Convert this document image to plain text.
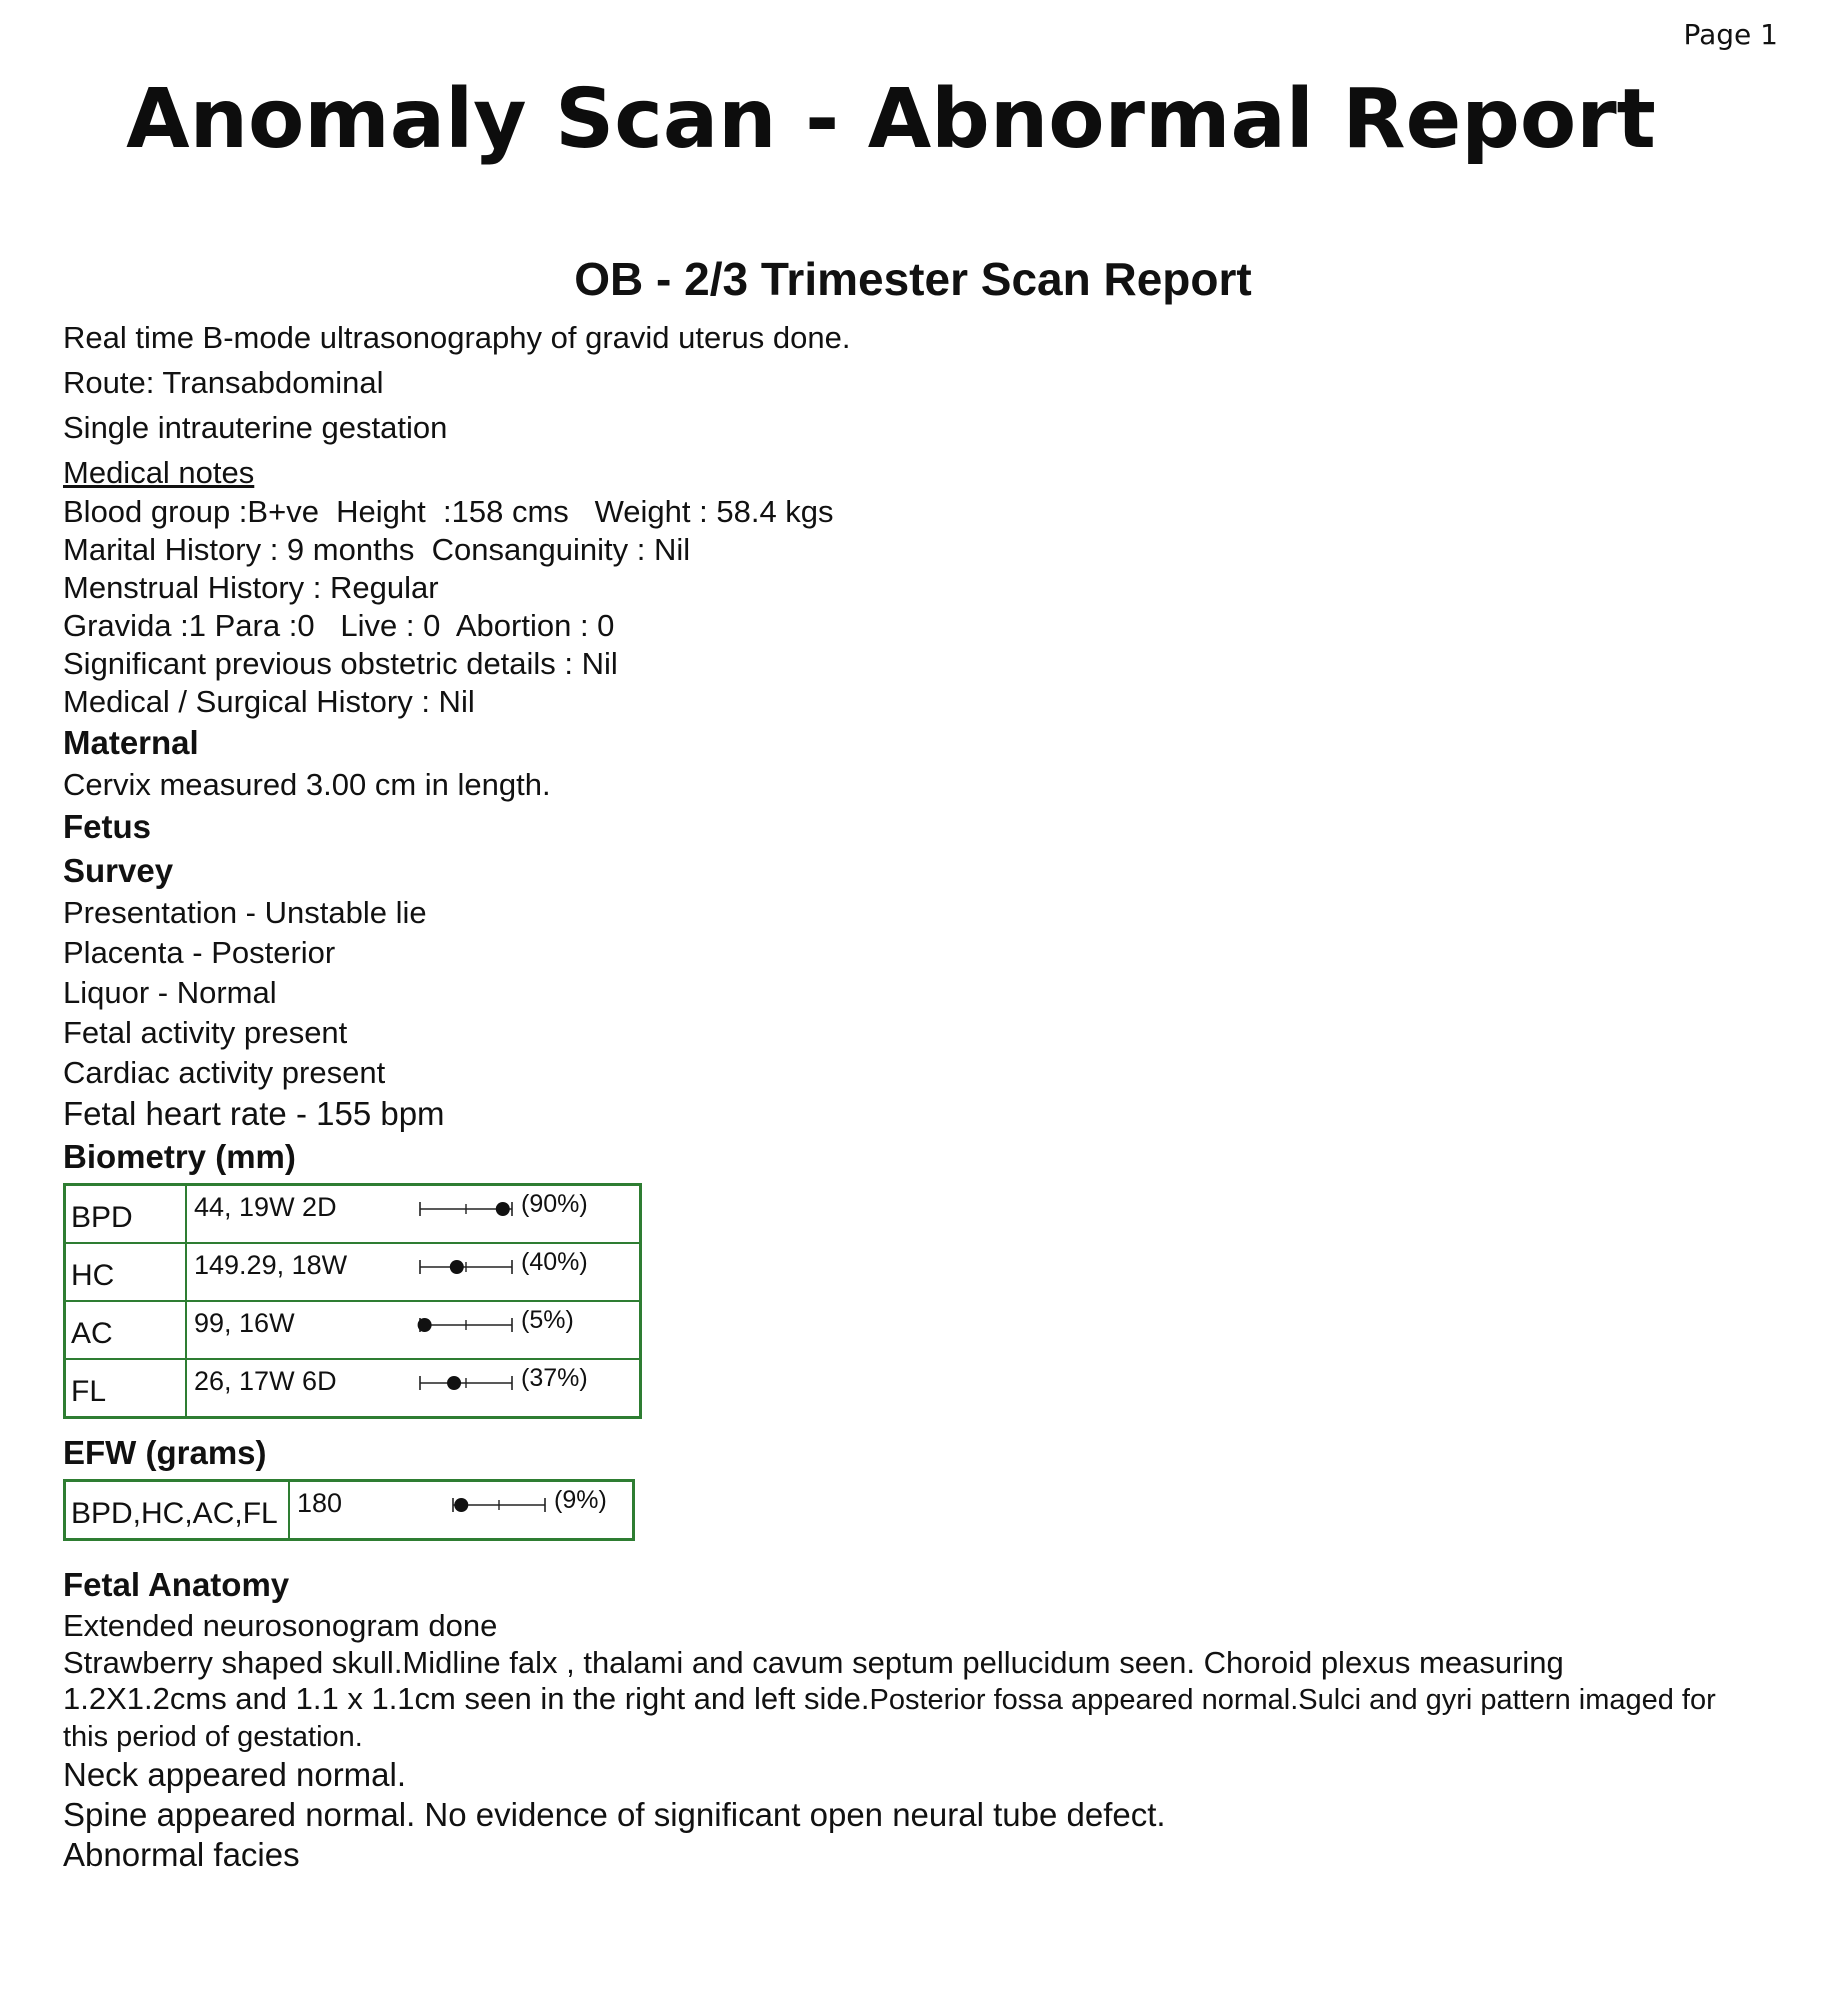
Page 1
Anomaly Scan - Abnormal Report
OB - 2/3 Trimester Scan Report
Real time B-mode ultrasonography of gravid uterus done.
Route: Transabdominal
Single intrauterine gestation
Medical notes
Blood group :B+ve  Height  :158 cms   Weight : 58.4 kgs
Marital History : 9 months  Consanguinity : Nil
Menstrual History : Regular
Gravida :1 Para :0   Live : 0  Abortion : 0
Significant previous obstetric details : Nil
Medical / Surgical History : Nil
Maternal
Cervix measured 3.00 cm in length.
Fetus
Survey
Presentation - Unstable lie
Placenta - Posterior
Liquor - Normal
Fetal activity present
Cardiac activity present
Fetal heart rate - 155 bpm
Biometry (mm)
BPD	44, 19W 2D (90%)

HC	149.29, 18W (40%)

AC	99, 16W (5%)

FL	26, 17W 6D (37%)
EFW (grams)
BPD,HC,AC,FL	180	(9%)
Fetal Anatomy
Extended neurosonogram done
Strawberry shaped skull.Midline falx , thalami and cavum septum pellucidum seen. Choroid plexus measuring 1.2X1.2cms and 1.1 x 1.1cm seen in the right and left side.Posterior fossa appeared normal.Sulci and gyri pattern imaged for this period of gestation.
Neck appeared normal.
Spine appeared normal. No evidence of significant open neural tube defect.
Abnormal facies
